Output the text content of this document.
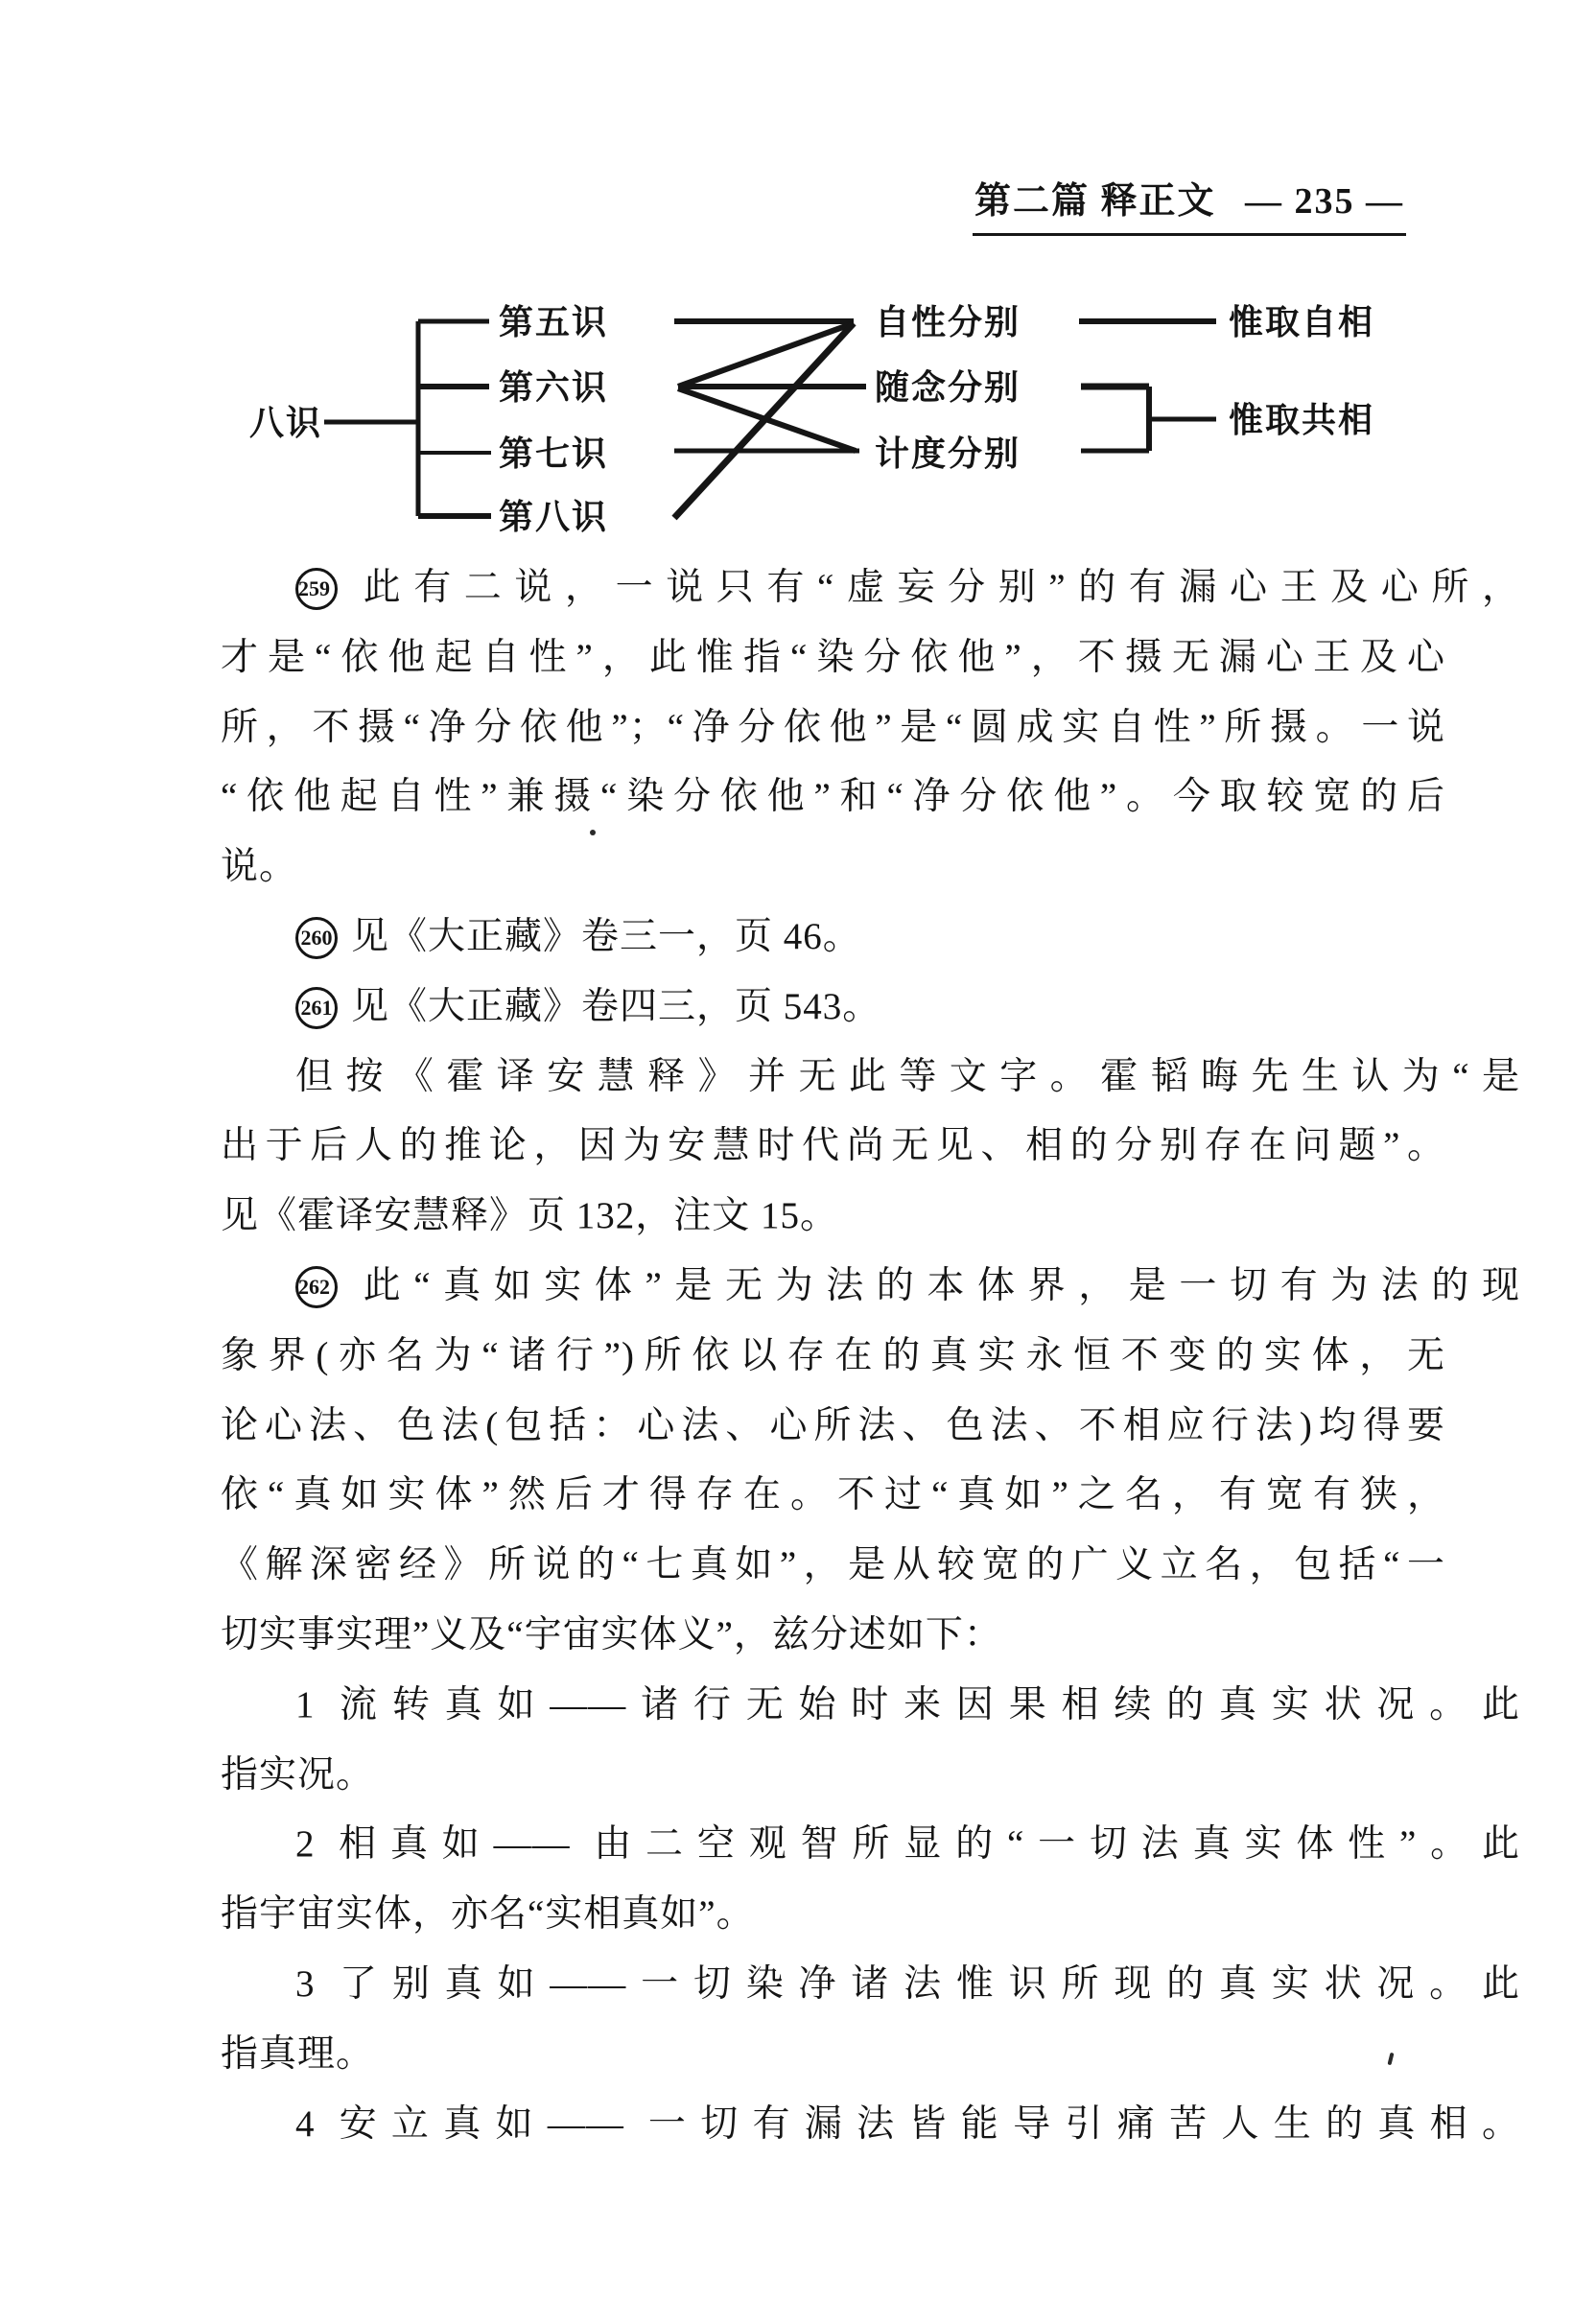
第二篇 释正文 — 235 —
八识
第五识
第六识
第七识
第八识
自性分别
随念分别
计度分别
惟取自相
惟取共相
259 此有二说，一说只有“虚妄分别”的有漏心王及心所，
才是“依他起自性”，此惟指“染分依他”，不摄无漏心王及心
所，不摄“净分依他”；“净分依他”是“圆成实自性”所摄。一说
“依他起自性”兼摄“染分依他”和“净分依他”。今取较宽的后
说。
260 见《大正藏》卷三一，页 46。
261 见《大正藏》卷四三，页 543。
但按《霍译安慧释》并无此等文字。霍韬晦先生认为“是
出于后人的推论，因为安慧时代尚无见、相的分别存在问题”。
见《霍译安慧释》页 132，注文 15。
262 此“真如实体”是无为法的本体界，是一切有为法的现
象界(亦名为“诸行”)所依以存在的真实永恒不变的实体，无
论心法、色法(包括：心法、心所法、色法、不相应行法)均得要
依“真如实体”然后才得存在。不过“真如”之名，有宽有狭，
《解深密经》所说的“七真如”，是从较宽的广义立名，包括“一
切实事实理”义及“宇宙实体义”，兹分述如下：
1 流转真如——诸行无始时来因果相续的真实状况。此
指实况。
2 相真如—— 由二空观智所显的“一切法真实体性”。此
指宇宙实体，亦名“实相真如”。
3 了别真如——一切染净诸法惟识所现的真实状况。此
指真理。
4 安立真如—— 一切有漏法皆能导引痛苦人生的真相。
